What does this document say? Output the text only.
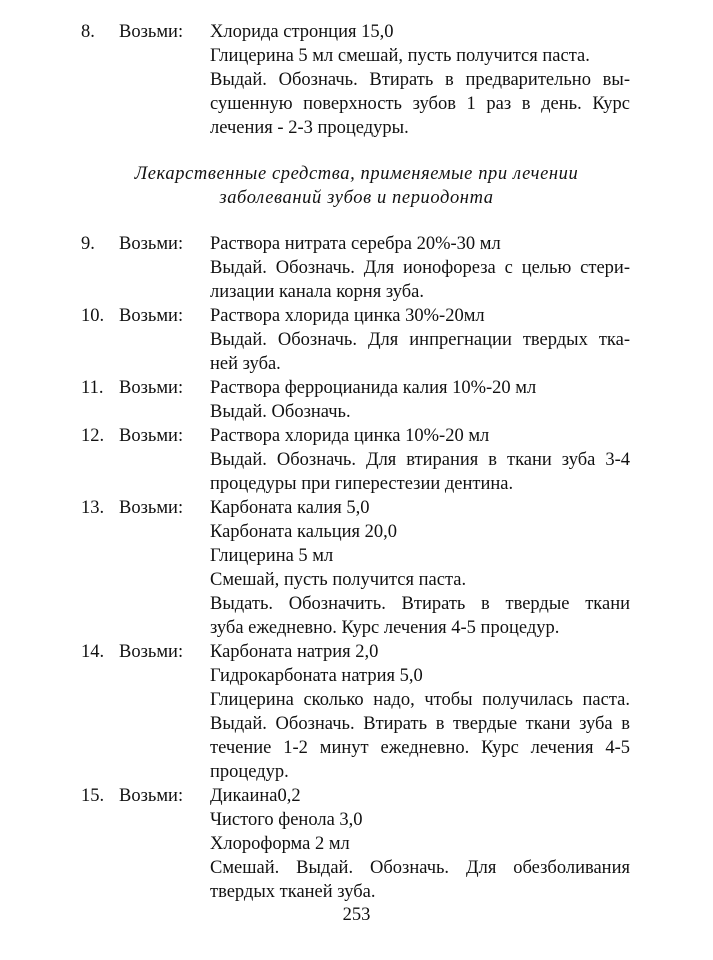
8. Возьми: Хлорида стронция 15,0
Глицерина 5 мл смешай, пусть получится паста.
Выдай. Обозначь. Втирать в предварительно вы-
сушенную поверхность зубов 1 раз в день. Курс
лечения - 2-3 процедуры.
Лекарственные средства, применяемые при лечении
заболеваний зубов и периодонта
9. Возьми: Раствора нитрата серебра 20%-30 мл
Выдай. Обозначь. Для ионофореза с целью стери-
лизации канала корня зуба.
10. Возьми: Раствора хлорида цинка 30%-20мл
Выдай. Обозначь. Для инпрегнации твердых тка-
ней зуба.
11. Возьми: Раствора ферроцианида калия 10%-20 мл
Выдай. Обозначь.
12. Возьми: Раствора хлорида цинка 10%-20 мл
Выдай. Обозначь. Для втирания в ткани зуба 3-4
процедуры при гиперестезии дентина.
13. Возьми: Карбоната калия 5,0
Карбоната кальция 20,0
Глицерина 5 мл
Смешай, пусть получится паста.
Выдать. Обозначить. Втирать в твердые ткани
зуба ежедневно. Курс лечения 4-5 процедур.
14. Возьми: Карбоната натрия 2,0
Гидрокарбоната натрия 5,0
Глицерина сколько надо, чтобы получилась паста.
Выдай. Обозначь. Втирать в твердые ткани зуба в
течение 1-2 минут ежедневно. Курс лечения 4-5
процедур.
15. Возьми: Дикаина0,2
Чистого фенола 3,0
Хлороформа 2 мл
Смешай. Выдай. Обозначь. Для обезболивания
твердых тканей зуба.
253
